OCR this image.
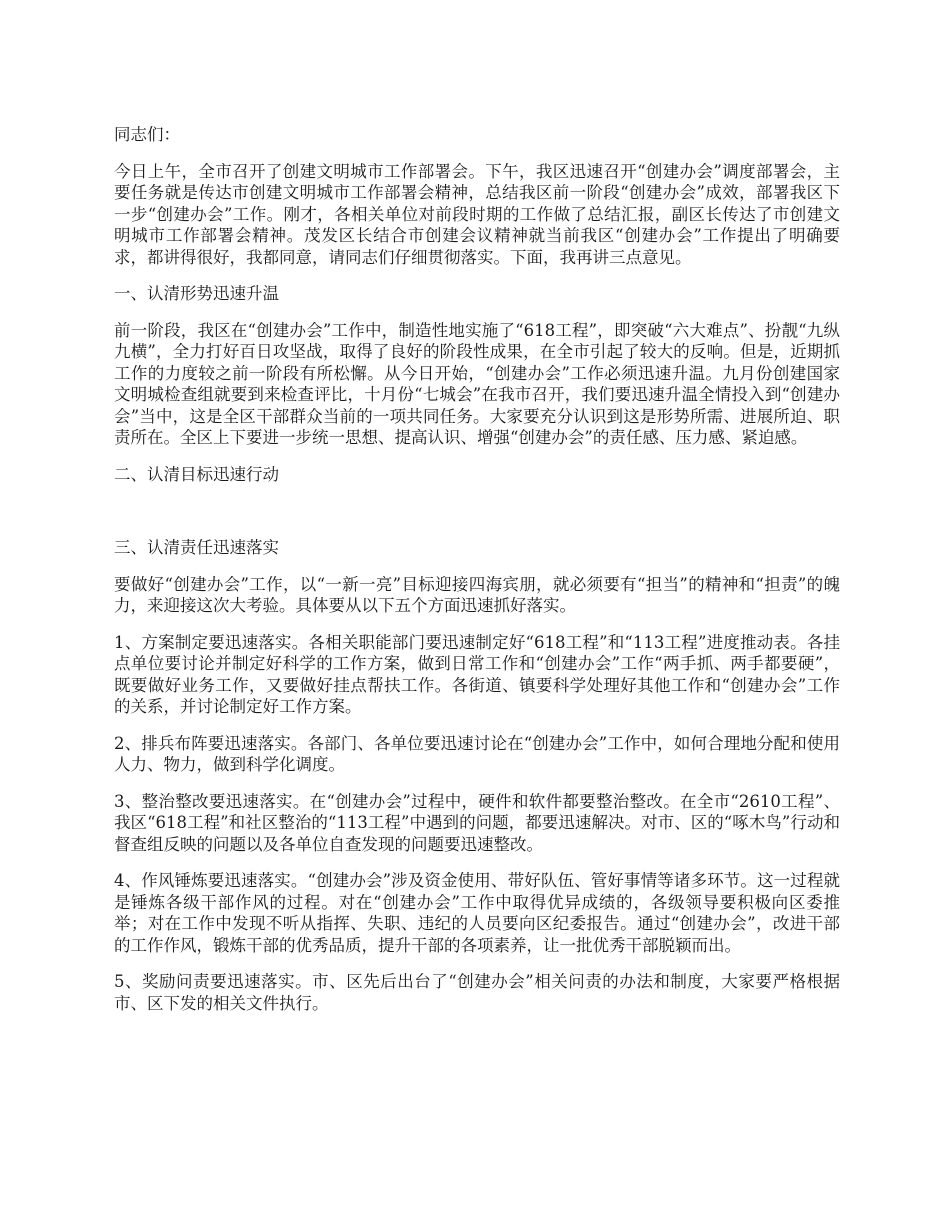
同志们：

今日上午，全市召开了创建文明城市工作部署会。下午，我区迅速召开“创建办会”调度部署会，主要任务就是传达市创建文明城市工作部署会精神，总结我区前一阶段“创建办会”成效，部署我区下一步“创建办会”工作。刚才，各相关单位对前段时期的工作做了总结汇报，副区长传达了市创建文明城市工作部署会精神。茂发区长结合市创建会议精神就当前我区“创建办会”工作提出了明确要求，都讲得很好，我都同意，请同志们仔细贯彻落实。下面，我再讲三点意见。

一、认清形势迅速升温

前一阶段，我区在“创建办会”工作中，制造性地实施了“618工程”，即突破“六大难点”、扮靓“九纵九横”，全力打好百日攻坚战，取得了良好的阶段性成果，在全市引起了较大的反响。但是，近期抓工作的力度较之前一阶段有所松懈。从今日开始，“创建办会”工作必须迅速升温。九月份创建国家文明城检查组就要到来检查评比，十月份“七城会”在我市召开，我们要迅速升温全情投入到“创建办会”当中，这是全区干部群众当前的一项共同任务。大家要充分认识到这是形势所需、进展所迫、职责所在。全区上下要进一步统一思想、提高认识、增强“创建办会”的责任感、压力感、紧迫感。

二、认清目标迅速行动

三、认清责任迅速落实

要做好“创建办会”工作，以“一新一亮”目标迎接四海宾朋，就必须要有“担当”的精神和“担责”的魄力，来迎接这次大考验。具体要从以下五个方面迅速抓好落实。

1、方案制定要迅速落实。各相关职能部门要迅速制定好“618工程”和“113工程”进度推动表。各挂点单位要讨论并制定好科学的工作方案，做到日常工作和“创建办会”工作“两手抓、两手都要硬”，既要做好业务工作，又要做好挂点帮扶工作。各街道、镇要科学处理好其他工作和“创建办会”工作的关系，并讨论制定好工作方案。

2、排兵布阵要迅速落实。各部门、各单位要迅速讨论在“创建办会”工作中，如何合理地分配和使用人力、物力，做到科学化调度。

3、整治整改要迅速落实。在“创建办会”过程中，硬件和软件都要整治整改。在全市“2610工程”、我区“618工程”和社区整治的“113工程”中遇到的问题，都要迅速解决。对市、区的“啄木鸟”行动和督查组反映的问题以及各单位自查发现的问题要迅速整改。

4、作风锤炼要迅速落实。“创建办会”涉及资金使用、带好队伍、管好事情等诸多环节。这一过程就是锤炼各级干部作风的过程。对在“创建办会”工作中取得优异成绩的，各级领导要积极向区委推举；对在工作中发现不听从指挥、失职、违纪的人员要向区纪委报告。通过“创建办会”，改进干部的工作作风，锻炼干部的优秀品质，提升干部的各项素养，让一批优秀干部脱颖而出。

5、奖励问责要迅速落实。市、区先后出台了“创建办会”相关问责的办法和制度，大家要严格根据市、区下发的相关文件执行。
